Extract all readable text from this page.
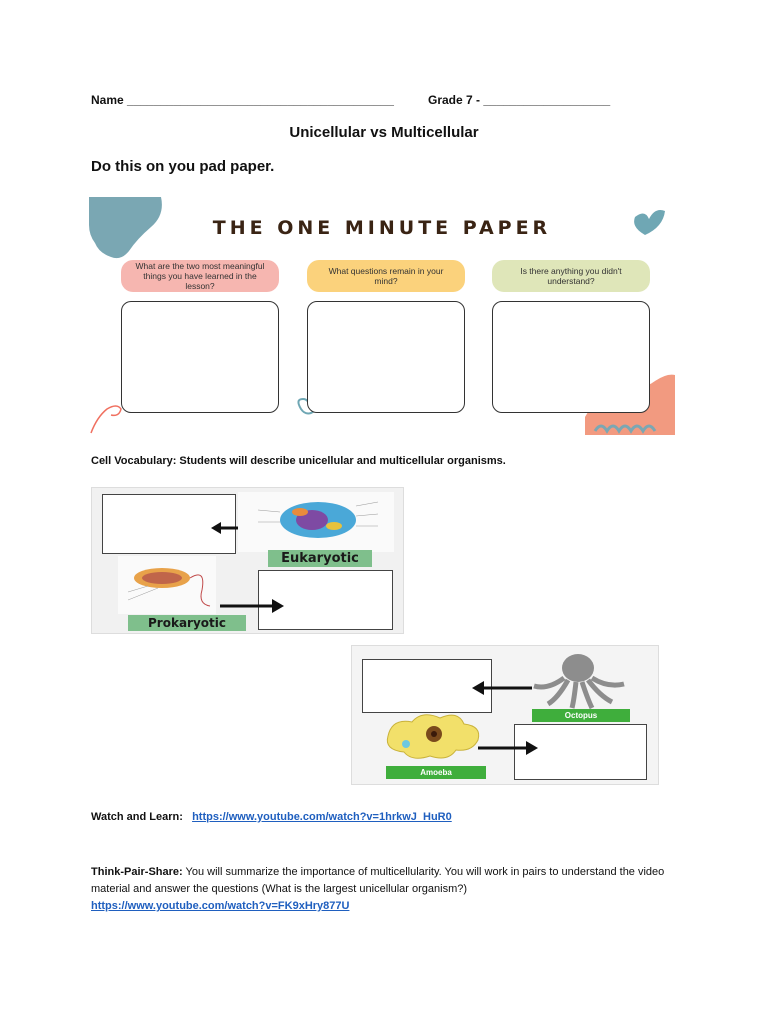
Name ________________________________________	Grade 7 - ___________________
Unicellular vs Multicellular
Do this on you pad paper.
THE ONE MINUTE PAPER
What are the two most meaningful things you have learned in the lesson?
What questions remain in your mind?
Is there anything you didn't understand?
Cell Vocabulary: Students will describe unicellular and multicellular organisms.
Eukaryotic
Prokaryotic
Octopus
Amoeba
Watch and Learn: https://www.youtube.com/watch?v=1hrkwJ_HuR0
Think-Pair-Share: You will summarize the importance of multicellularity. You will work in pairs to understand the video material and answer the questions (What is the largest unicellular organism?)
https://www.youtube.com/watch?v=FK9xHry877U
